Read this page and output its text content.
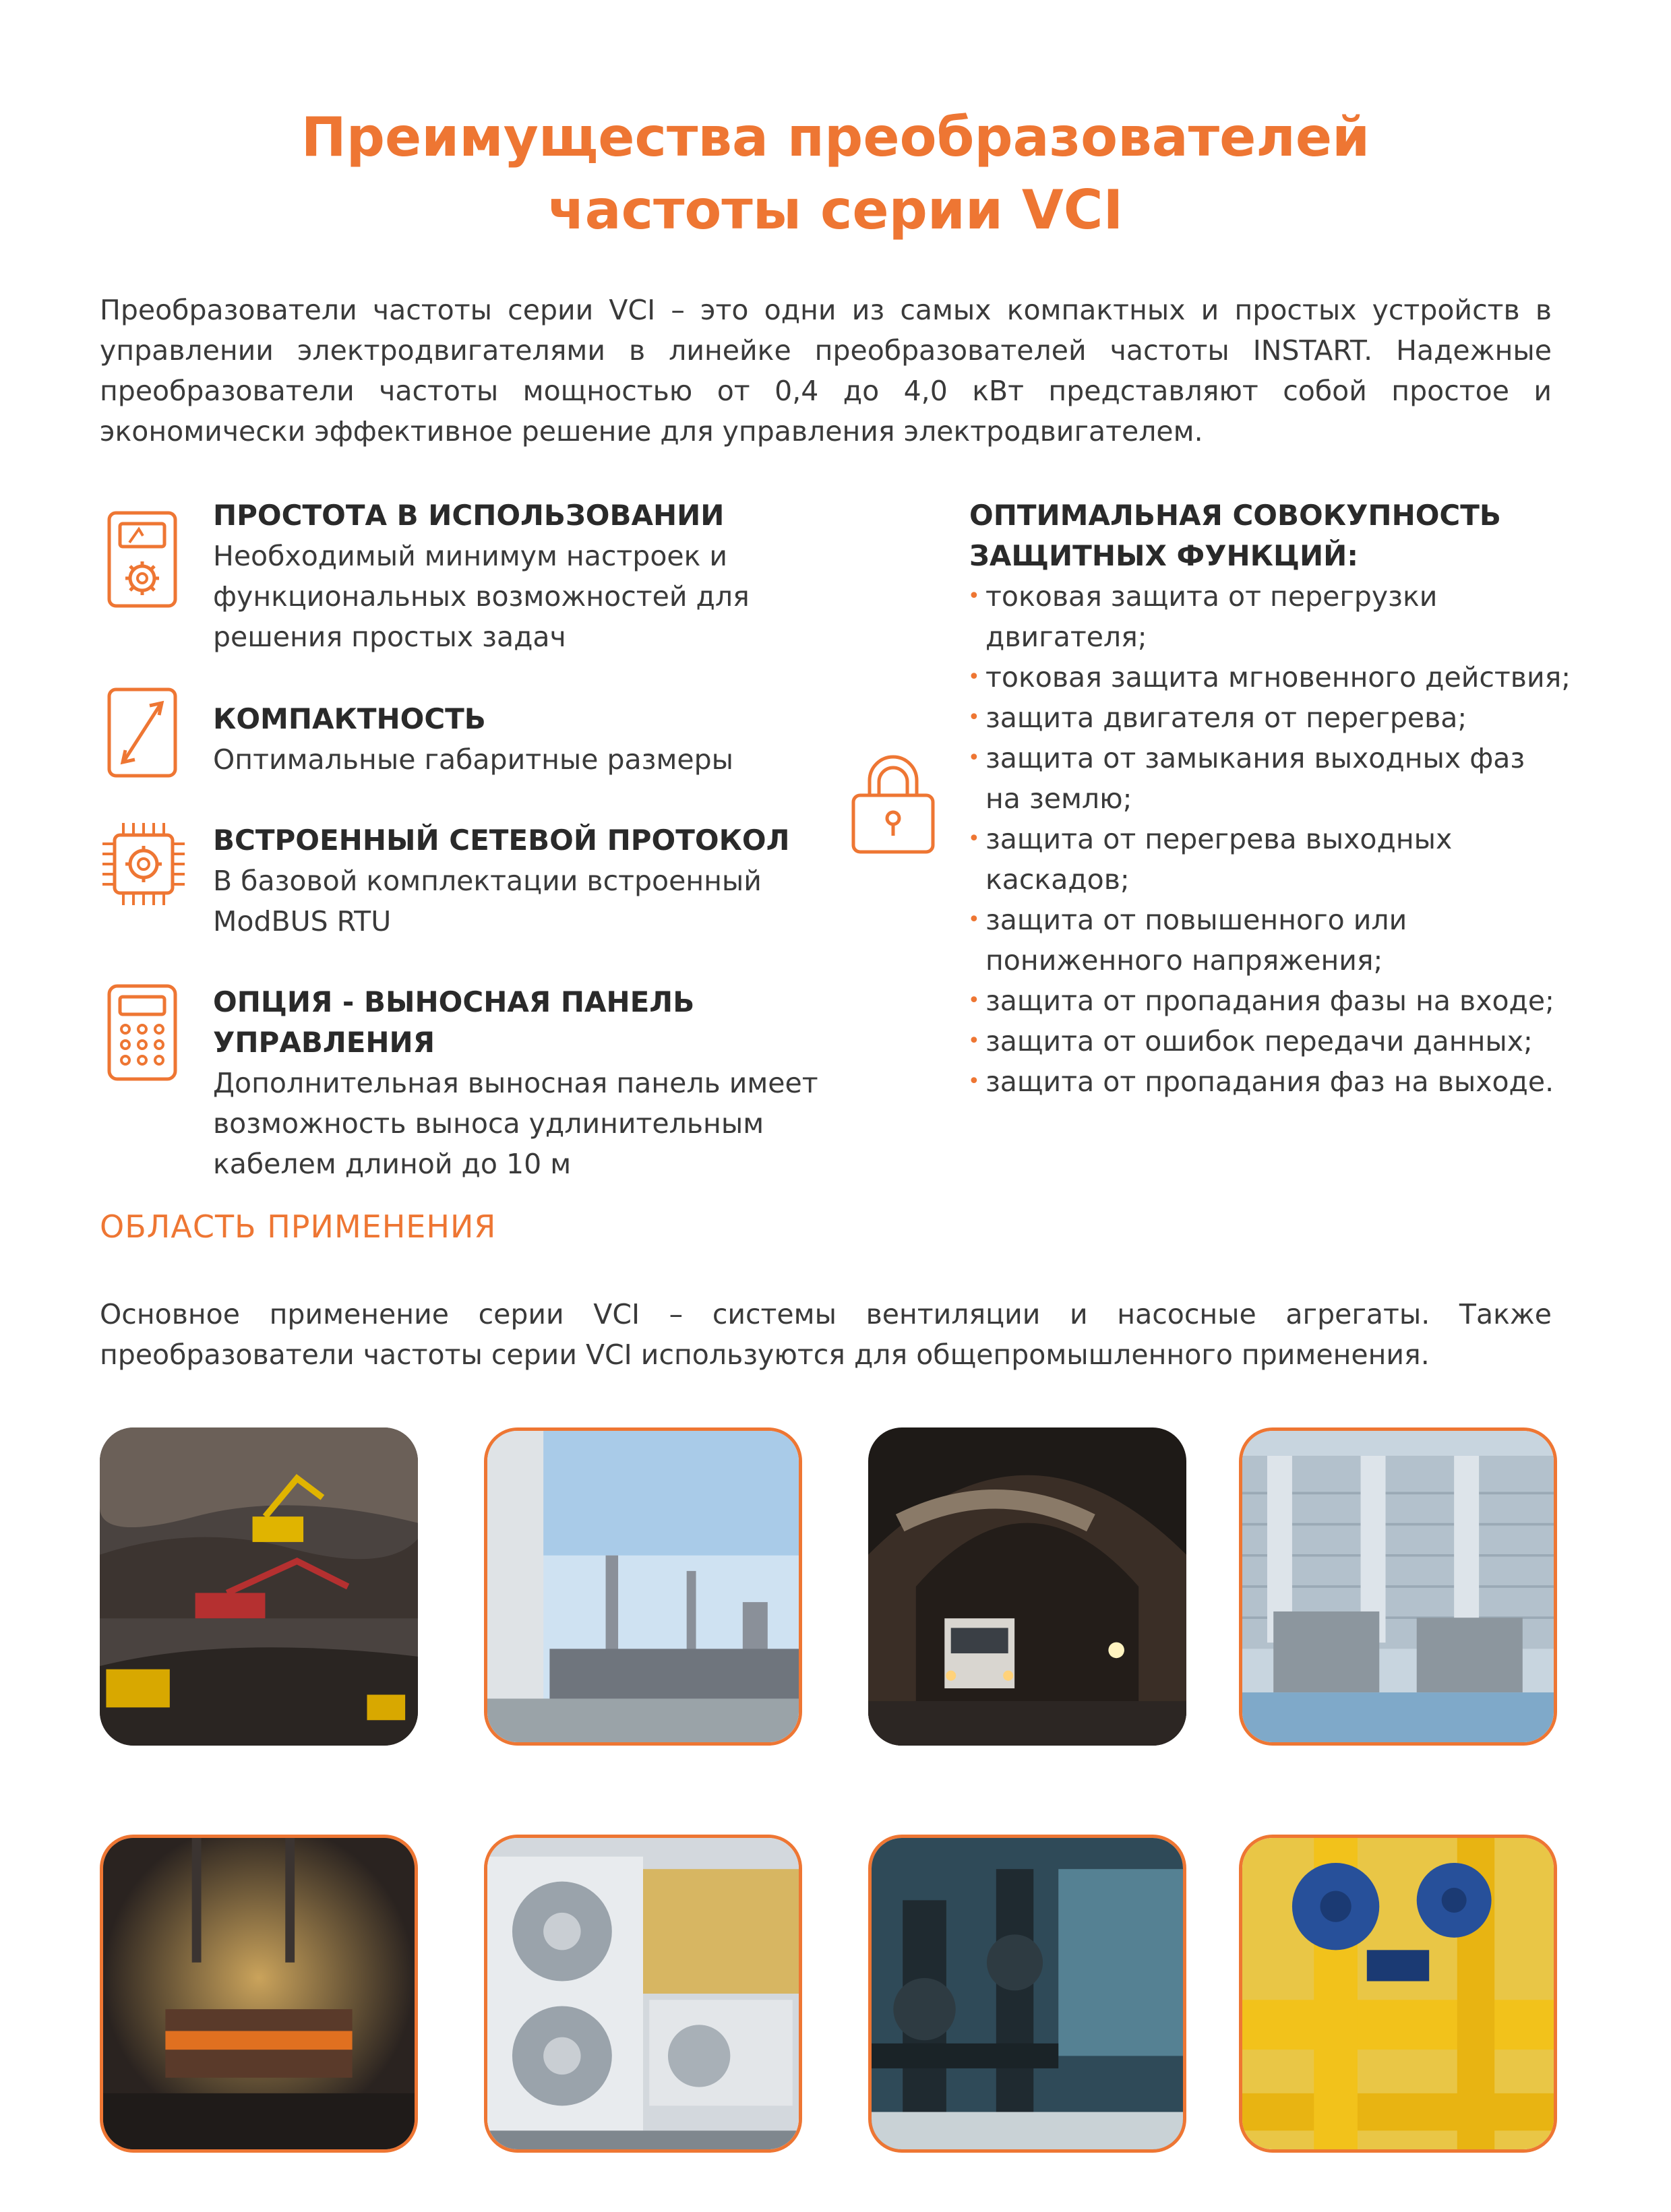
Преимущества преобразователей
частоты серии VCI
Преобразователи частоты серии VCI – это одни из самых компактных и простых устройств в управлении электродвигателями в линейке преобразователей частоты INSTART. Надежные преобразователи частоты мощностью от 0,4 до 4,0 кВт представляют собой простое и экономически эффективное решение для управления электродвигателем.
ПРОСТОТА В ИСПОЛЬЗОВАНИИ
Необходимый минимум настроек и функциональных возможностей для решения простых задач
КОМПАКТНОСТЬ
Оптимальные габаритные размеры
ВСТРОЕННЫЙ СЕТЕВОЙ ПРОТОКОЛ
В базовой комплектации встроенный ModBUS RTU
ОПЦИЯ - ВЫНОСНАЯ ПАНЕЛЬ УПРАВЛЕНИЯ
Дополнительная выносная панель имеет возможность выноса удлинительным кабелем длиной до 10 м
ОПТИМАЛЬНАЯ СОВОКУПНОСТЬ ЗАЩИТНЫХ ФУНКЦИЙ:
• токовая защита от перегрузки двигателя;
• токовая защита мгновенного действия;
• защита двигателя от перегрева;
• защита от замыкания выходных фаз на землю;
• защита от перегрева выходных каскадов;
• защита от повышенного или пониженного напряжения;
• защита от пропадания фазы на входе;
• защита от ошибок передачи данных;
• защита от пропадания фаз на выходе.
ОБЛАСТЬ ПРИМЕНЕНИЯ
Основное применение серии VCI – системы вентиляции и насосные агрегаты. Также преобразователи частоты серии VCI используются для общепромышленного применения.
